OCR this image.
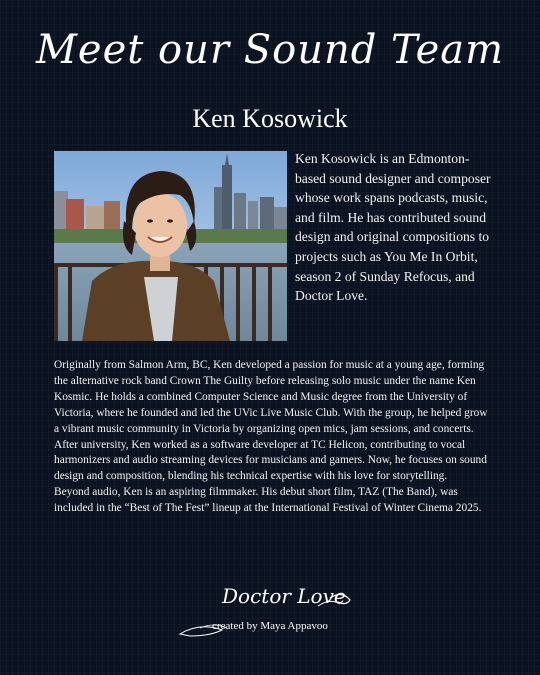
Meet our Sound Team
Ken Kosowick

Ken Kosowick is an Edmonton-based sound designer and composer whose work spans podcasts, music, and film. He has contributed sound design and original compositions to projects such as You Me In Orbit, season 2 of Sunday Refocus, and Doctor Love.

Originally from Salmon Arm, BC, Ken developed a passion for music at a young age, forming the alternative rock band Crown The Guilty before releasing solo music under the name Ken Kosmic. He holds a combined Computer Science and Music degree from the University of Victoria, where he founded and led the UVic Live Music Club. With the group, he helped grow a vibrant music community in Victoria by organizing open mics, jam sessions, and concerts. After university, Ken worked as a software developer at TC Helicon, contributing to vocal harmonizers and audio streaming devices for musicians and gamers. Now, he focuses on sound design and composition, blending his technical expertise with his love for storytelling.

Beyond audio, Ken is an aspiring filmmaker. His debut short film, TAZ (The Band), was included in the “Best of The Fest” lineup at the International Festival of Winter Cinema 2025.

Doctor Love
created by Maya Appavoo
